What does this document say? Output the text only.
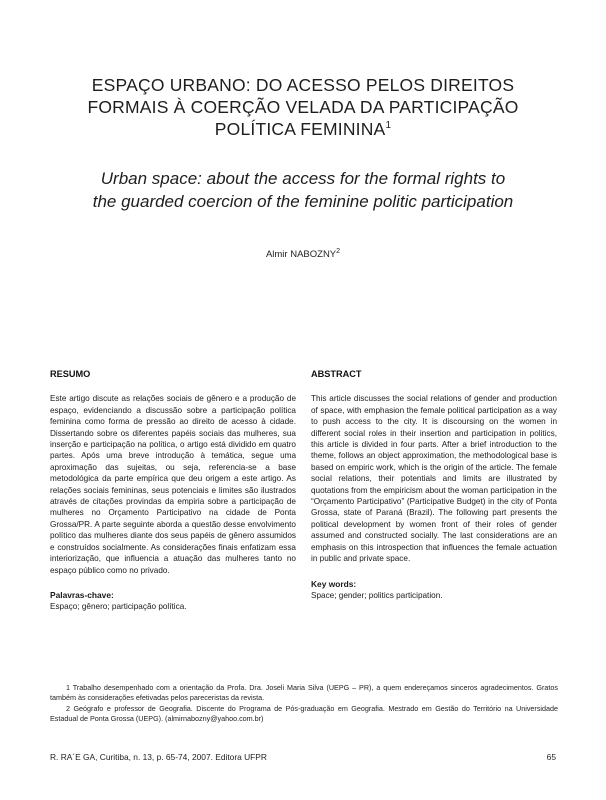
ESPAÇO URBANO: DO ACESSO PELOS DIREITOS
FORMAIS À COERÇÃO VELADA DA PARTICIPAÇÃO
POLÍTICA FEMININA$^1$
Urban space: about the access for the formal rights to
the guarded coercion of the feminine politic participation
Almir NABOZNY$^2$
RESUMO

Este artigo discute as relações sociais de gênero e a produção de espaço, evidenciando a discussão sobre a participação política feminina como forma de pressão ao direito de acesso à cidade. Dissertando sobre os diferentes papéis sociais das mulheres, sua inserção e participação na política, o artigo está dividido em quatro partes. Após uma breve introdução à temática, segue uma aproximação das sujeitas, ou seja, referencia-se a base metodológica da parte empírica que deu origem a este artigo. As relações sociais femininas, seus potenciais e limites são ilustrados através de citações provindas da empiria sobre a participação de mulheres no Orçamento Participativo na cidade de Ponta Grossa/PR. A parte seguinte aborda a questão desse envolvimento político das mulheres diante dos seus papéis de gênero assumidos e construídos socialmente. As considerações finais enfatizam essa interiorização, que influencia a atuação das mulheres tanto no espaço público como no privado.

Palavras-chave:

Espaço; gênero; participação política.

ABSTRACT

This article discusses the social relations of gender and production of space, with emphasion the female political participation as a way to push access to the city. It is discoursing on the women in different social roles in their insertion and participation in politics, this article is divided in four parts. After a brief introduction to the theme, follows an object approximation, the methodological base is based on empiric work, which is the origin of the article. The female social relations, their potentials and limits are illustrated by quotations from the empiricism about the woman participation in the “Orçamento Participativo” (Participative Budget) in the city of Ponta Grossa, state of Paraná (Brazil). The following part presents the political development by women front of their roles of gender assumed and constructed socially. The last considerations are an emphasis on this introspection that influences the female actuation in public and private space.

Key words:

Space; gender; politics participation.

1 Trabalho desempenhado com a orientação da Profa. Dra. Joseli Maria Silva (UEPG – PR), a quem endereçamos sinceros agradecimentos. Gratos também às considerações efetivadas pelos pareceristas da revista.

2 Geógrafo e professor de Geografia. Discente do Programa de Pós-graduação em Geografia. Mestrado em Gestão do Território na Universidade Estadual de Ponta Grossa (UEPG). (almirnabozny@yahoo.com.br)

R. RA´E GA, Curitiba, n. 13, p. 65-74, 2007. Editora UFPR	65
